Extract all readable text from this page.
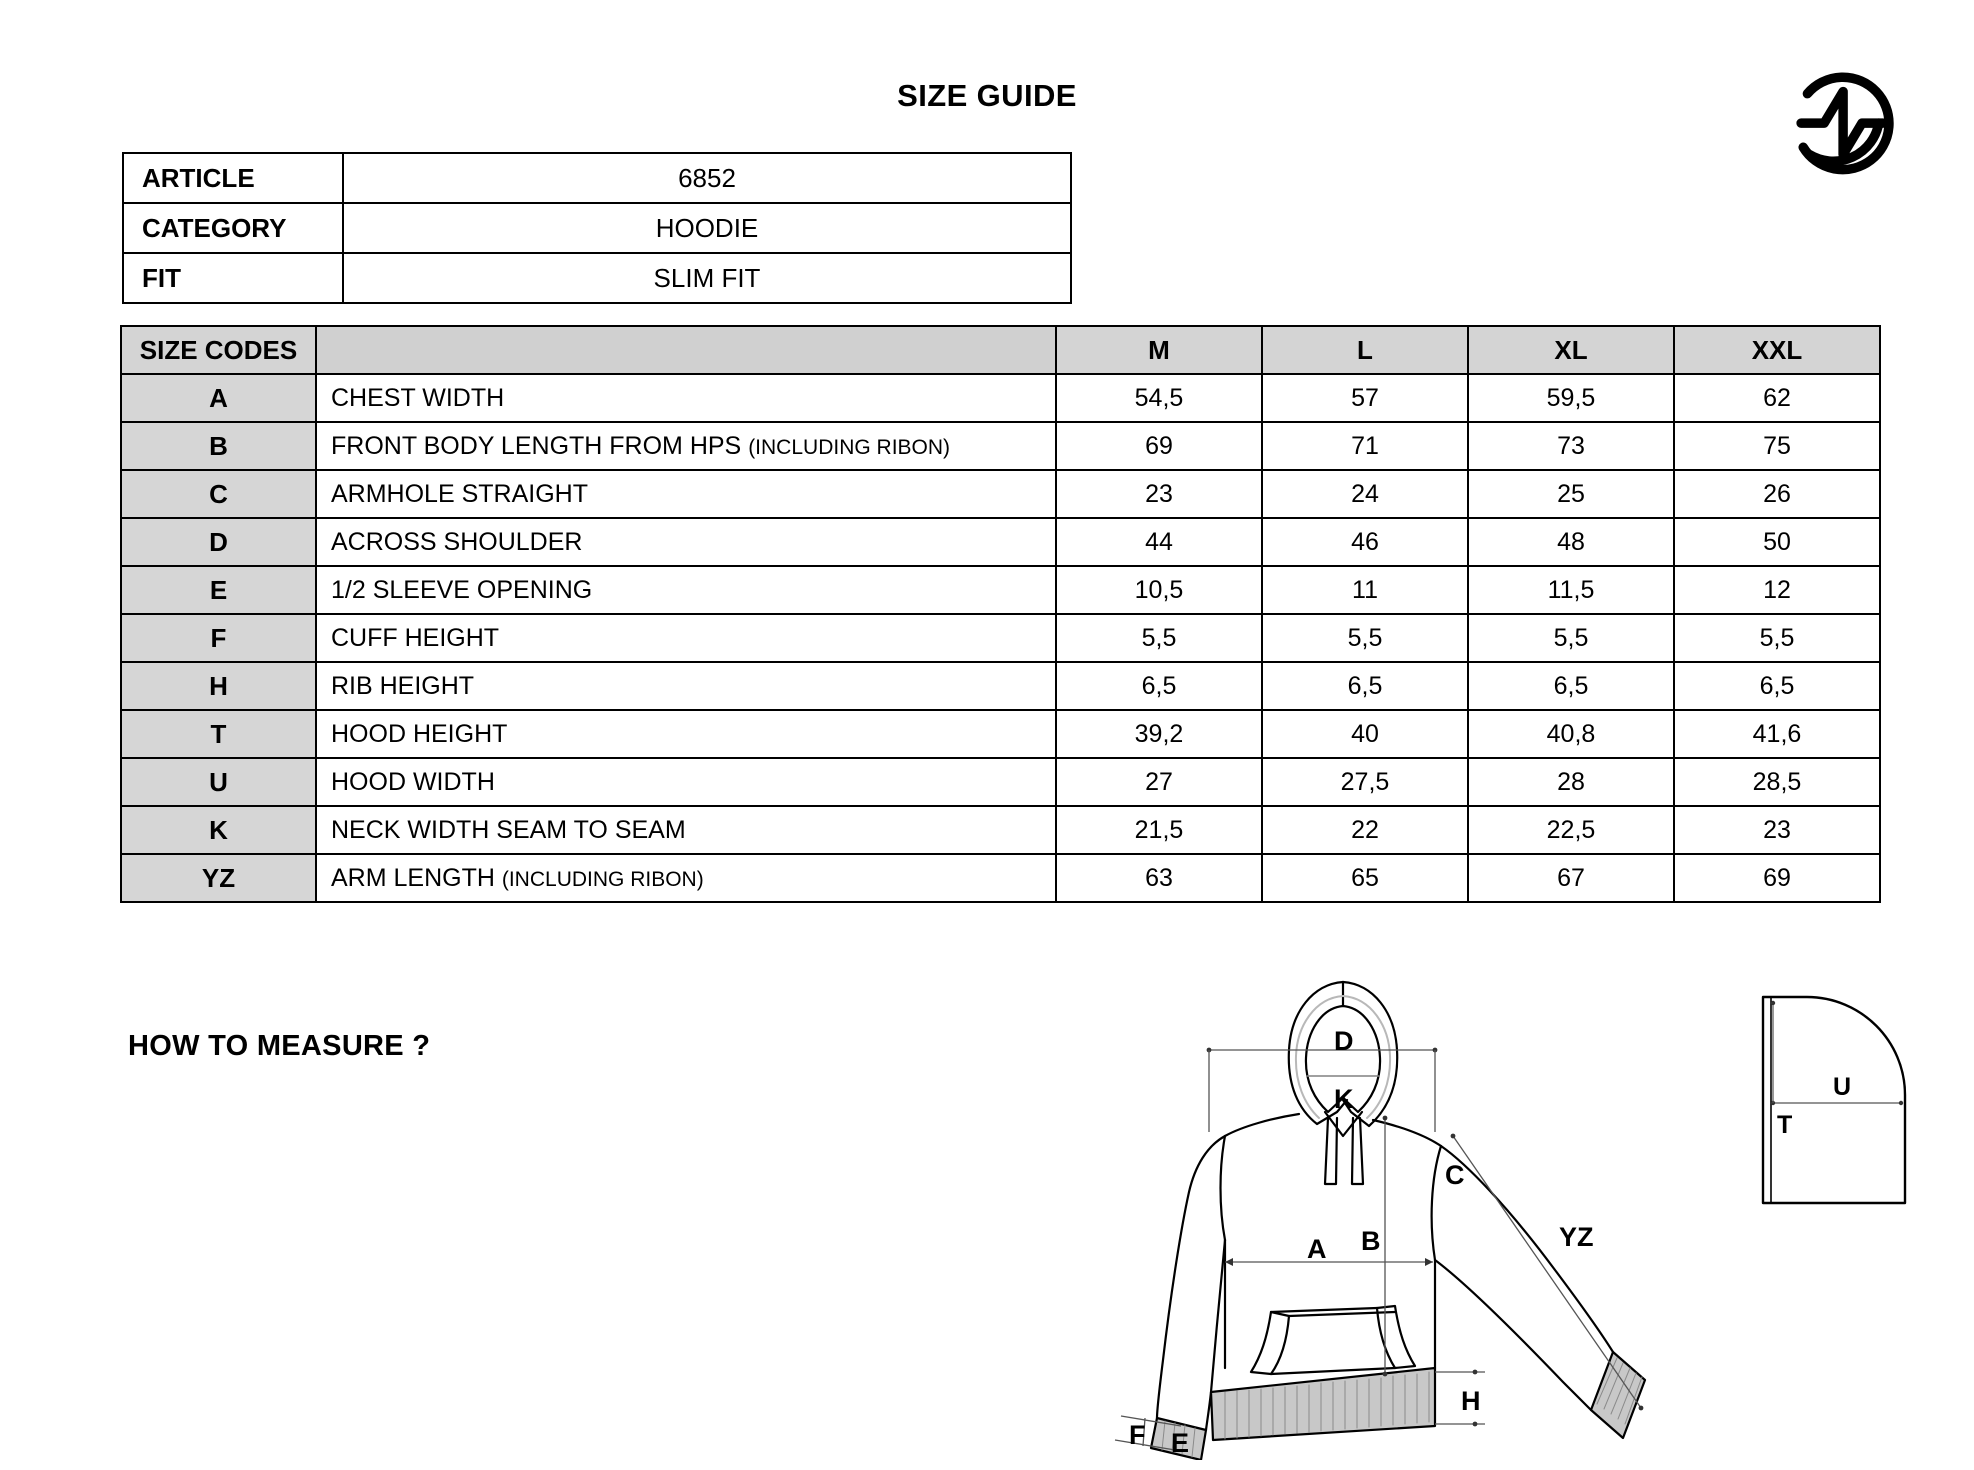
SIZE GUIDE
ARTICLE	6852
CATEGORY	HOODIE
FIT	SLIM FIT
SIZE CODES		M	L	XL	XXL
A	CHEST WIDTH	54,5	57	59,5	62
B	FRONT BODY LENGTH FROM HPS (INCLUDING RIBON)	69	71	73	75
C	ARMHOLE STRAIGHT	23	24	25	26
D	ACROSS SHOULDER	44	46	48	50
E	1/2 SLEEVE OPENING	10,5	11	11,5	12
F	CUFF HEIGHT	5,5	5,5	5,5	5,5
H	RIB HEIGHT	6,5	6,5	6,5	6,5
T	HOOD HEIGHT	39,2	40	40,8	41,6
U	HOOD WIDTH	27	27,5	28	28,5
K	NECK WIDTH SEAM TO SEAM	21,5	22	22,5	23
YZ	ARM LENGTH (INCLUDING RIBON)	63	65	67	69
HOW TO MEASURE ?	D
K
B
A
C
YZ
H
F E
U
T
